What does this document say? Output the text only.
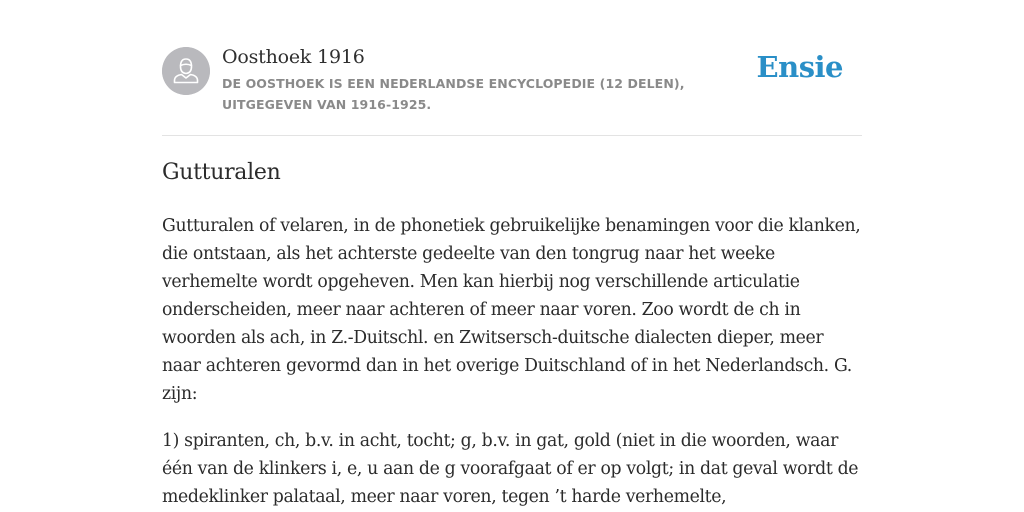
Oosthoek 1916
DE OOSTHOEK IS EEN NEDERLANDSE ENCYCLOPEDIE (12 DELEN), UITGEGEVEN VAN 1916-1925.
Ensie
Gutturalen

Gutturalen of velaren, in de phonetiek gebruikelijke benamingen voor die klanken, die ontstaan, als het achterste gedeelte van den tongrug naar het weeke verhemelte wordt opgeheven. Men kan hierbij nog verschillende articulatie onderscheiden, meer naar achteren of meer naar voren. Zoo wordt de ch in woorden als ach, in Z.-Duitschl. en Zwitsersch-duitsche dialecten dieper, meer naar achteren gevormd dan in het overige Duitschland of in het Nederlandsch. G. zijn:

1) spiranten, ch, b.v. in acht, tocht; g, b.v. in gat, gold (niet in die woorden, waar één van de klinkers i, e, u aan de g voorafgaat of er op volgt; in dat geval wordt de medeklinker palataal, meer naar voren, tegen ’t harde verhemelte,
